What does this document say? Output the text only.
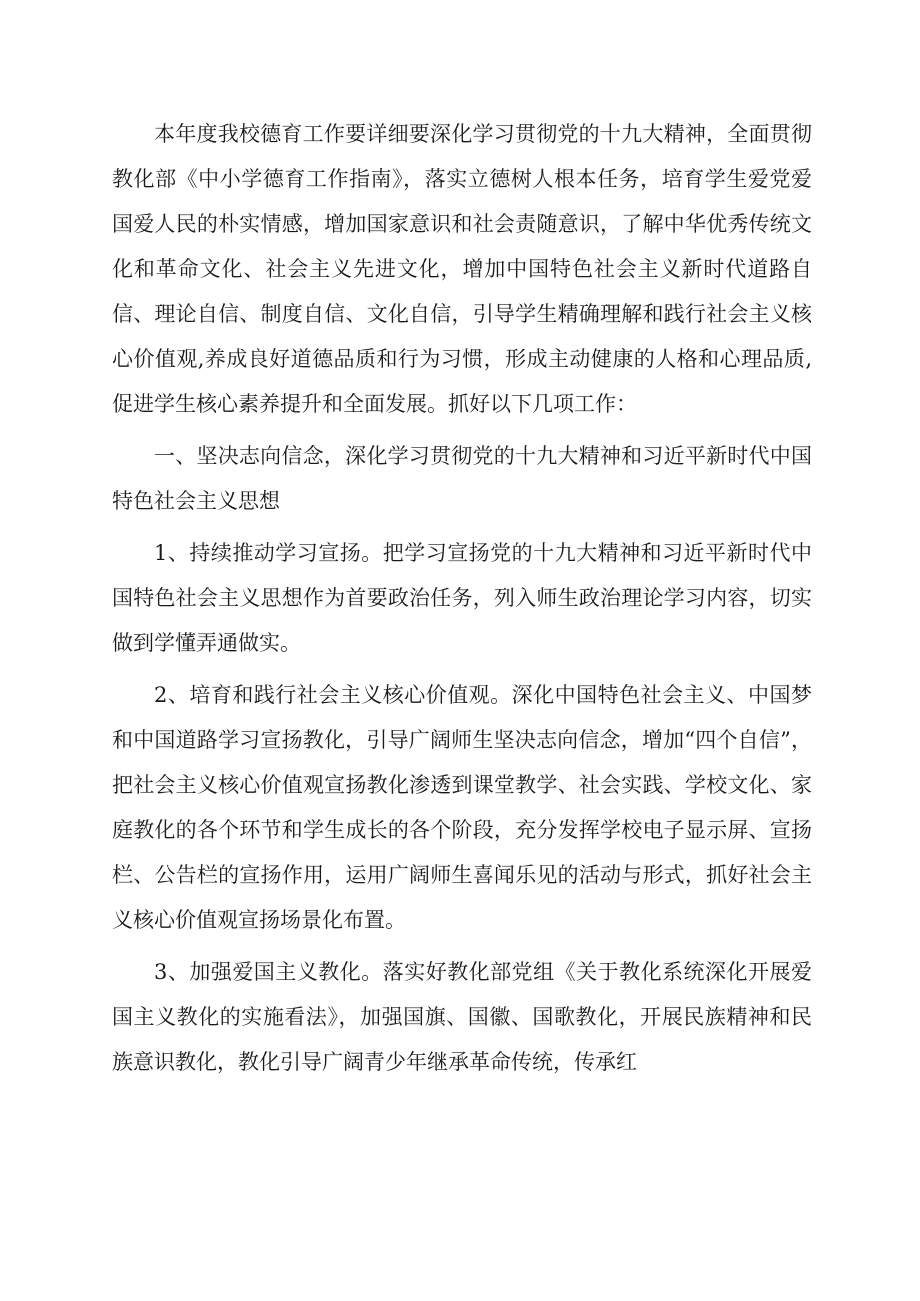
本年度我校德育工作要详细要深化学习贯彻党的十九大精神，全面贯彻教化部《中小学德育工作指南》，落实立德树人根本任务，培育学生爱党爱国爱人民的朴实情感，增加国家意识和社会责随意识，了解中华优秀传统文化和革命文化、社会主义先进文化，增加中国特色社会主义新时代道路自信、理论自信、制度自信、文化自信，引导学生精确理解和践行社会主义核心价值观,养成良好道德品质和行为习惯，形成主动健康的人格和心理品质,促进学生核心素养提升和全面发展。抓好以下几项工作：

一、坚决志向信念，深化学习贯彻党的十九大精神和习近平新时代中国特色社会主义思想

1、持续推动学习宣扬。把学习宣扬党的十九大精神和习近平新时代中国特色社会主义思想作为首要政治任务，列入师生政治理论学习内容，切实做到学懂弄通做实。

2、培育和践行社会主义核心价值观。深化中国特色社会主义、中国梦和中国道路学习宣扬教化，引导广阔师生坚决志向信念，增加“四个自信”，把社会主义核心价值观宣扬教化渗透到课堂教学、社会实践、学校文化、家庭教化的各个环节和学生成长的各个阶段，充分发挥学校电子显示屏、宣扬栏、公告栏的宣扬作用，运用广阔师生喜闻乐见的活动与形式，抓好社会主义核心价值观宣扬场景化布置。

3、加强爱国主义教化。落实好教化部党组《关于教化系统深化开展爱国主义教化的实施看法》，加强国旗、国徽、国歌教化，开展民族精神和民族意识教化，教化引导广阔青少年继承革命传统，传承红
